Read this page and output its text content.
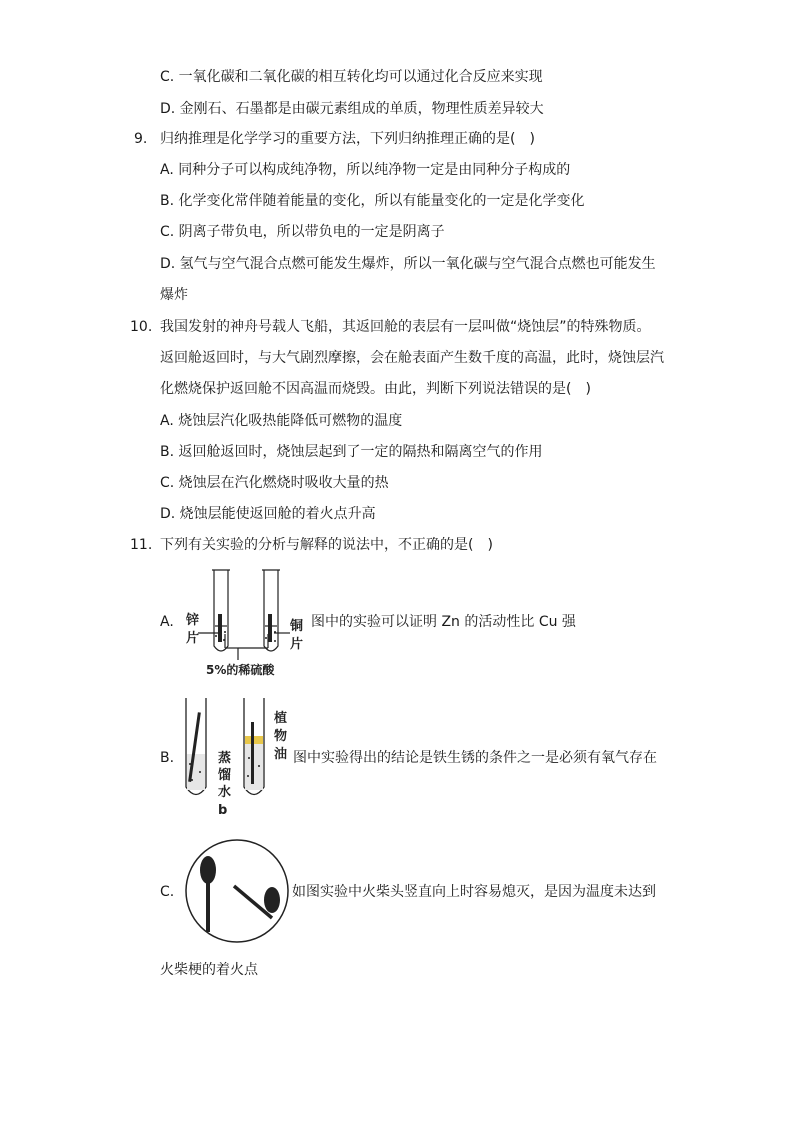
C. 一氧化碳和二氧化碳的相互转化均可以通过化合反应来实现
D. 金刚石、石墨都是由碳元素组成的单质，物理性质差异较大
9. 归纳推理是化学学习的重要方法，下列归纳推理正确的是(　)
A. 同种分子可以构成纯净物，所以纯净物一定是由同种分子构成的
B. 化学变化常伴随着能量的变化，所以有能量变化的一定是化学变化
C. 阴离子带负电，所以带负电的一定是阴离子
D. 氢气与空气混合点燃可能发生爆炸，所以一氧化碳与空气混合点燃也可能发生
爆炸
10. 我国发射的神舟号载人飞船，其返回舱的表层有一层叫做“烧蚀层”的特殊物质。
返回舱返回时，与大气剧烈摩擦，会在舱表面产生数千度的高温，此时，烧蚀层汽
化燃烧保护返回舱不因高温而烧毁。由此，判断下列说法错误的是(　)
A. 烧蚀层汽化吸热能降低可燃物的温度
B. 返回舱返回时，烧蚀层起到了一定的隔热和隔离空气的作用
C. 烧蚀层在汽化燃烧时吸收大量的热
D. 烧蚀层能使返回舱的着火点升高
11. 下列有关实验的分析与解释的说法中，不正确的是(　)
A. 锌
片
铜
片
5%的稀硫酸
图中的实验可以证明 Zn 的活动性比 Cu 强
B.	蒸
馏
水
b
植
物
油 图中实验得出的结论是铁生锈的条件之一是必须有氧气存在
C.	如图实验中火柴头竖直向上时容易熄灭，是因为温度未达到
火柴梗的着火点
